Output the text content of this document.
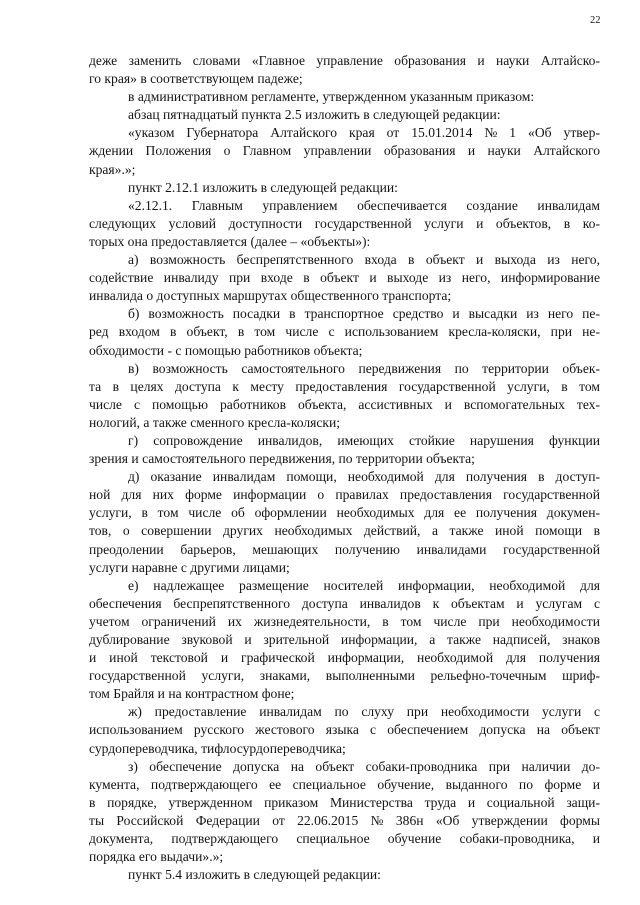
22
деже заменить словами «Главное управление образования и науки Алтайско-
го края» в соответствующем падеже;
в административном регламенте, утвержденном указанным приказом:
абзац пятнадцатый пункта 2.5 изложить в следующей редакции:
«указом Губернатора Алтайского края от 15.01.2014 № 1 «Об утвер-
ждении Положения о Главном управлении образования и науки Алтайского
края».»;
пункт 2.12.1 изложить в следующей редакции:
«2.12.1. Главным управлением обеспечивается создание инвалидам
следующих условий доступности государственной услуги и объектов, в ко-
торых она предоставляется (далее – «объекты»):
а) возможность беспрепятственного входа в объект и выхода из него,
содействие инвалиду при входе в объект и выходе из него, информирование
инвалида о доступных маршрутах общественного транспорта;
б) возможность посадки в транспортное средство и высадки из него пе-
ред входом в объект, в том числе с использованием кресла-коляски, при не-
обходимости - с помощью работников объекта;
в) возможность самостоятельного передвижения по территории объек-
та в целях доступа к месту предоставления государственной услуги, в том
числе с помощью работников объекта, ассистивных и вспомогательных тех-
нологий, а также сменного кресла-коляски;
г) сопровождение инвалидов, имеющих стойкие нарушения функции
зрения и самостоятельного передвижения, по территории объекта;
д) оказание инвалидам помощи, необходимой для получения в доступ-
ной для них форме информации о правилах предоставления государственной
услуги, в том числе об оформлении необходимых для ее получения докумен-
тов, о совершении других необходимых действий, а также иной помощи в
преодолении барьеров, мешающих получению инвалидами государственной
услуги наравне с другими лицами;
е) надлежащее размещение носителей информации, необходимой для
обеспечения беспрепятственного доступа инвалидов к объектам и услугам с
учетом ограничений их жизнедеятельности, в том числе при необходимости
дублирование звуковой и зрительной информации, а также надписей, знаков
и иной текстовой и графической информации, необходимой для получения
государственной услуги, знаками, выполненными рельефно-точечным шриф-
том Брайля и на контрастном фоне;
ж) предоставление инвалидам по слуху при необходимости услуги с
использованием русского жестового языка с обеспечением допуска на объект
сурдопереводчика, тифлосурдопереводчика;
з) обеспечение допуска на объект собаки-проводника при наличии до-
кумента, подтверждающего ее специальное обучение, выданного по форме и
в порядке, утвержденном приказом Министерства труда и социальной защи-
ты Российской Федерации от 22.06.2015 № 386н «Об утверждении формы
документа, подтверждающего специальное обучение собаки-проводника, и
порядка его выдачи».»;
пункт 5.4 изложить в следующей редакции:
